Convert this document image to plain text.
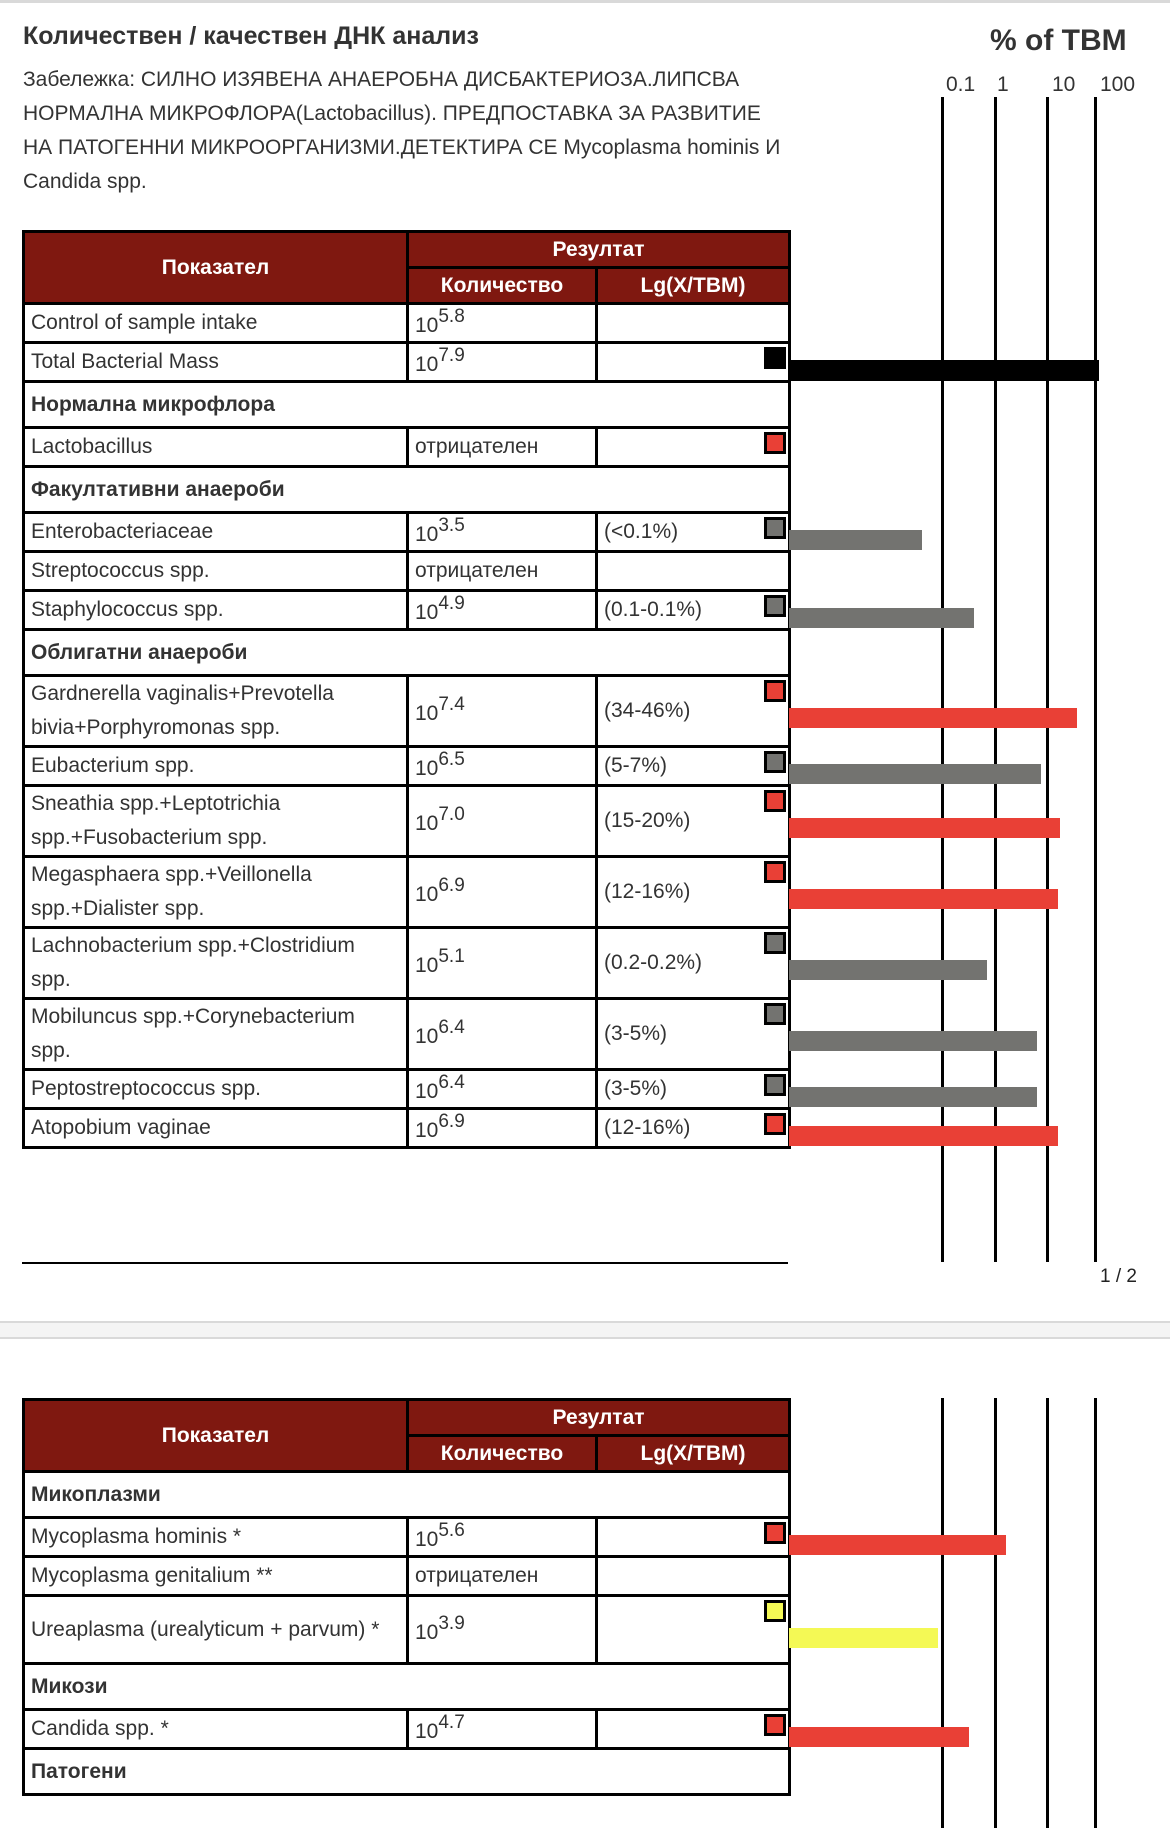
Количествен / качествен ДНК анализ
Забележка: СИЛНО ИЗЯВЕНА АНАЕРОБНА ДИСБАКТЕРИОЗА.ЛИПСВА НОРМАЛНА МИКРОФЛОРА(Lactobacillus). ПРЕДПОСТАВКА ЗА РАЗВИТИЕ НА ПАТОГЕННИ МИКРООРГАНИЗМИ.ДЕТЕКТИРА СЕ Mycoplasma hominis И Candida spp.
% of TBM
0.1 1 10 100
Показател	Резултат	
	Количество	Lg(X/TBM)
Control of sample intake	$10^{5.8}$	
Total Bacterial Mass	$10^{7.9}$	

Нормална микрофлора		
Lactobacillus	отрицателен	

Факултативни анаероби		
Enterobacteriaceae	$10^{3.5}$	(<0.1%)

Streptococcus spp.	отрицателен	
Staphylococcus spp.	$10^{4.9}$	(0.1-0.1%)

Облигатни анаероби		
Gardnerella vaginalis+Prevotella bivia+Porphyromonas spp.	$10^{7.4}$	(34-46%)

Eubacterium spp.	$10^{6.5}$	(5-7%)

Sneathia spp.+Leptotrichia spp.+Fusobacterium spp.	$10^{7.0}$	(15-20%)

Megasphaera spp.+Veillonella spp.+Dialister spp.	$10^{6.9}$	(12-16%)

Lachnobacterium spp.+Clostridium spp.	$10^{5.1}$	(0.2-0.2%)

Mobiluncus spp.+Corynebacterium spp.	$10^{6.4}$	(3-5%)

Peptostreptococcus spp.	$10^{6.4}$	(3-5%)

Atopobium vaginae	$10^{6.9}$	(12-16%)
1 / 2
Показател	Резултат	
	Количество	Lg(X/TBM)
Микоплазми		
Mycoplasma hominis *	$10^{5.6}$	

Mycoplasma genitalium **	отрицателен	
Ureaplasma (urealyticum + parvum) *	$10^{3.9}$	

Микози		
Candida spp. *	$10^{4.7}$	

Патогени		
